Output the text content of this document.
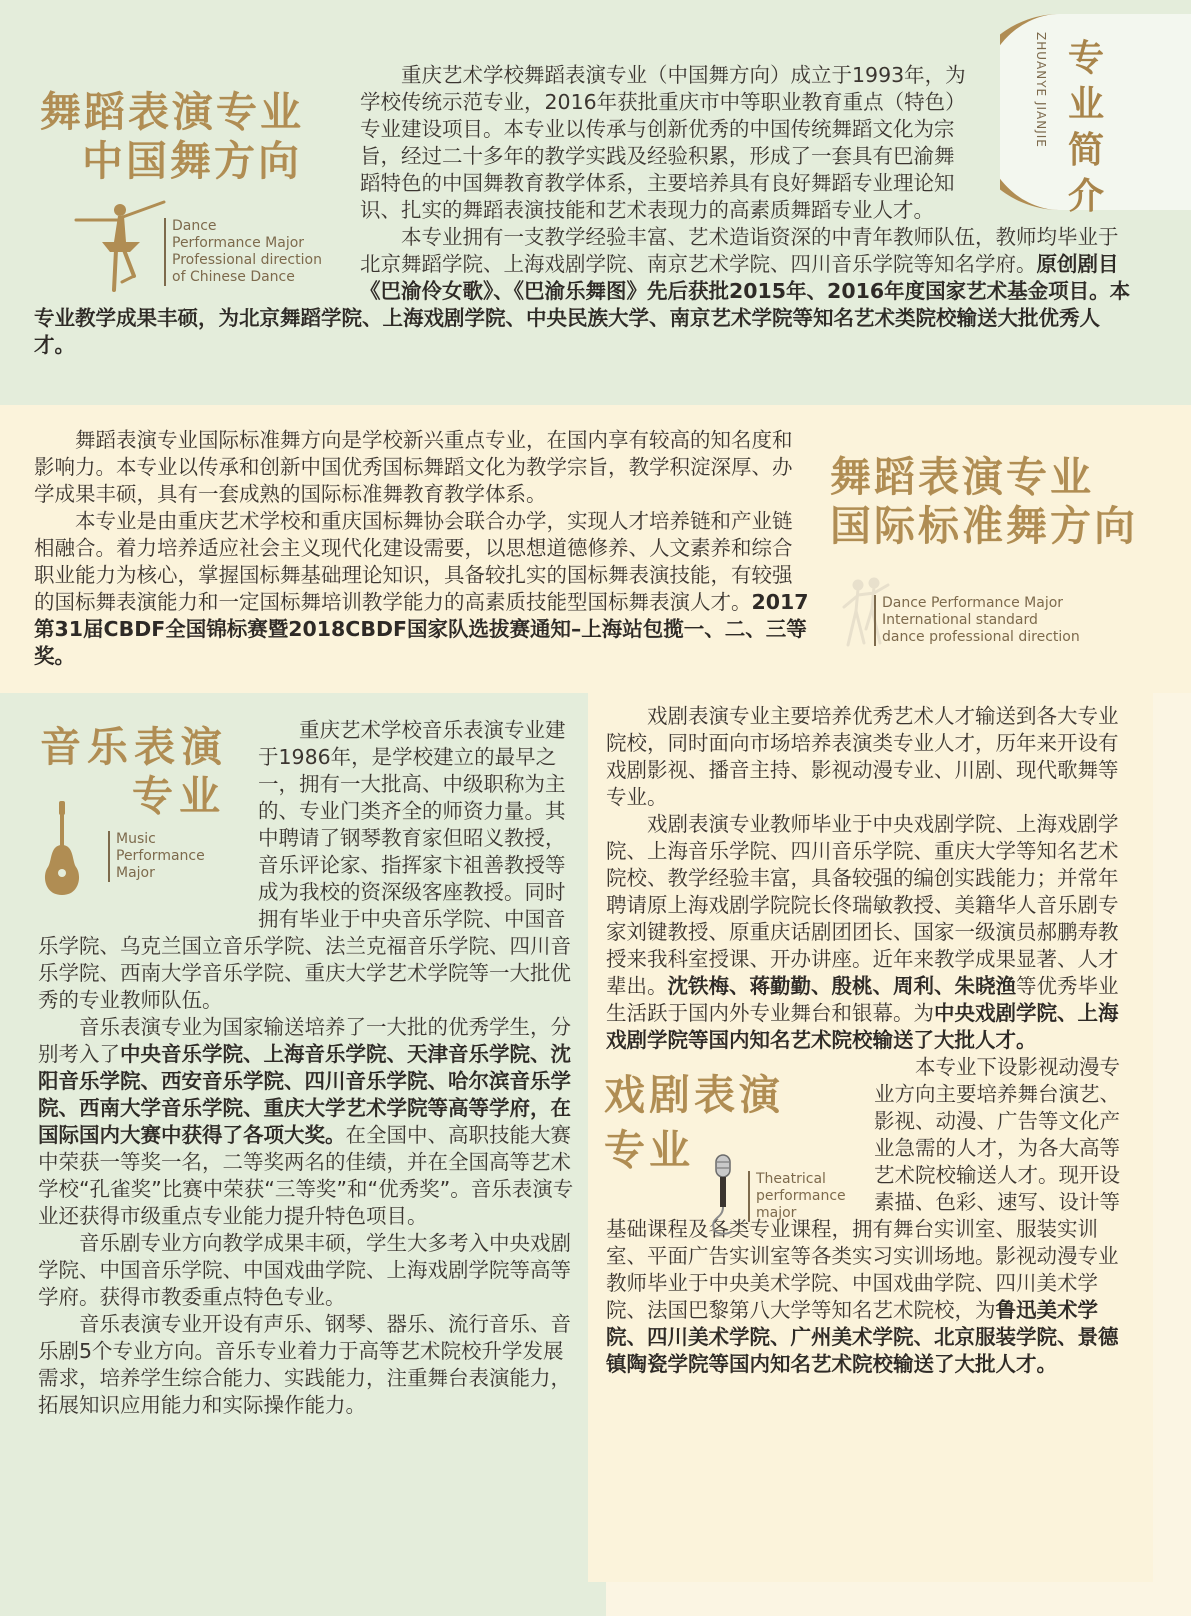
ZHUANYE JIANJIE 专业
简介
舞蹈表演专业
中国舞方向
Dance
Performance Major
Professional direction
of Chinese Dance

重庆艺术学校舞蹈表演专业（中国舞方向）成立于1993年，为学校传统示范专业，2016年获批重庆市中等职业教育重点（特色）专业建设项目。本专业以传承与创新优秀的中国传统舞蹈文化为宗旨，经过二十多年的教学实践及经验积累，形成了一套具有巴渝舞蹈特色的中国舞教育教学体系，主要培养具有良好舞蹈专业理论知识、扎实的舞蹈表演技能和艺术表现力的高素质舞蹈专业人才。

本专业拥有一支教学经验丰富、艺术造诣资深的中青年教师队伍，教师均毕业于北京舞蹈学院、上海戏剧学院、南京艺术学院、四川音乐学院等知名学府。原创剧目《巴渝伶女歌》、《巴渝乐舞图》先后获批2015年、2016年度国家艺术基金项目。本专业教学成果丰硕，为北京舞蹈学院、上海戏剧学院、中央民族大学、南京艺术学院等知名艺术类院校输送大批优秀人才。

舞蹈表演专业国际标准舞方向是学校新兴重点专业，在国内享有较高的知名度和影响力。本专业以传承和创新中国优秀国标舞蹈文化为教学宗旨，教学积淀深厚、办学成果丰硕，具有一套成熟的国际标准舞教育教学体系。

本专业是由重庆艺术学校和重庆国标舞协会联合办学，实现人才培养链和产业链相融合。着力培养适应社会主义现代化建设需要，以思想道德修养、人文素养和综合职业能力为核心，掌握国标舞基础理论知识，具备较扎实的国标舞表演技能，有较强的国标舞表演能力和一定国标舞培训教学能力的高素质技能型国标舞表演人才。2017第31届CBDF全国锦标赛暨2018CBDF国家队选拔赛通知–上海站包揽一、二、三等奖。

舞蹈表演专业
国际标准舞方向
Dance Performance Major
International standard
dance professional direction
音乐表演
专业
Music
Performance
Major

重庆艺术学校音乐表演专业建于1986年，是学校建立的最早之一，拥有一大批高、中级职称为主的、专业门类齐全的师资力量。其中聘请了钢琴教育家但昭义教授，音乐评论家、指挥家卞祖善教授等成为我校的资深级客座教授。同时拥有毕业于中央音乐学院、中国音乐学院、乌克兰国立音乐学院、法兰克福音乐学院、四川音乐学院、西南大学音乐学院、重庆大学艺术学院等一大批优秀的专业教师队伍。

音乐表演专业为国家输送培养了一大批的优秀学生，分别考入了中央音乐学院、上海音乐学院、天津音乐学院、沈阳音乐学院、西安音乐学院、四川音乐学院、哈尔滨音乐学院、西南大学音乐学院、重庆大学艺术学院等高等学府，在国际国内大赛中获得了各项大奖。在全国中、高职技能大赛中荣获一等奖一名，二等奖两名的佳绩，并在全国高等艺术学校“孔雀奖”比赛中荣获“三等奖”和“优秀奖”。音乐表演专业还获得市级重点专业能力提升特色项目。

音乐剧专业方向教学成果丰硕，学生大多考入中央戏剧学院、中国音乐学院、中国戏曲学院、上海戏剧学院等高等学府。获得市教委重点特色专业。

音乐表演专业开设有声乐、钢琴、器乐、流行音乐、音乐剧5个专业方向。音乐专业着力于高等艺术院校升学发展需求，培养学生综合能力、实践能力，注重舞台表演能力，拓展知识应用能力和实际操作能力。

戏剧表演专业主要培养优秀艺术人才输送到各大专业院校，同时面向市场培养表演类专业人才，历年来开设有戏剧影视、播音主持、影视动漫专业、川剧、现代歌舞等专业。

戏剧表演专业教师毕业于中央戏剧学院、上海戏剧学院、上海音乐学院、四川音乐学院、重庆大学等知名艺术院校、教学经验丰富，具备较强的编创实践能力；并常年聘请原上海戏剧学院院长佟瑞敏教授、美籍华人音乐剧专家刘键教授、原重庆话剧团团长、国家一级演员郝鹏寿教授来我科室授课、开办讲座。近年来教学成果显著、人才辈出。沈铁梅、蒋勤勤、殷桃、周利、朱晓渔等优秀毕业生活跃于国内外专业舞台和银幕。为中央戏剧学院、上海戏剧学院等国内知名艺术院校输送了大批人才。

本专业下设影视动漫专业方向主要培养舞台演艺、影视、动漫、广告等文化产业急需的人才，为各大高等艺术院校输送人才。现开设素描、色彩、速写、设计等基础课程及各类专业课程，拥有舞台实训室、服装实训室、平面广告实训室等各类实习实训场地。影视动漫专业教师毕业于中央美术学院、中国戏曲学院、四川美术学院、法国巴黎第八大学等知名艺术院校，为鲁迅美术学院、四川美术学院、广州美术学院、北京服装学院、景德镇陶瓷学院等国内知名艺术院校输送了大批人才。

戏剧表演
专业
Theatrical
performance
major
